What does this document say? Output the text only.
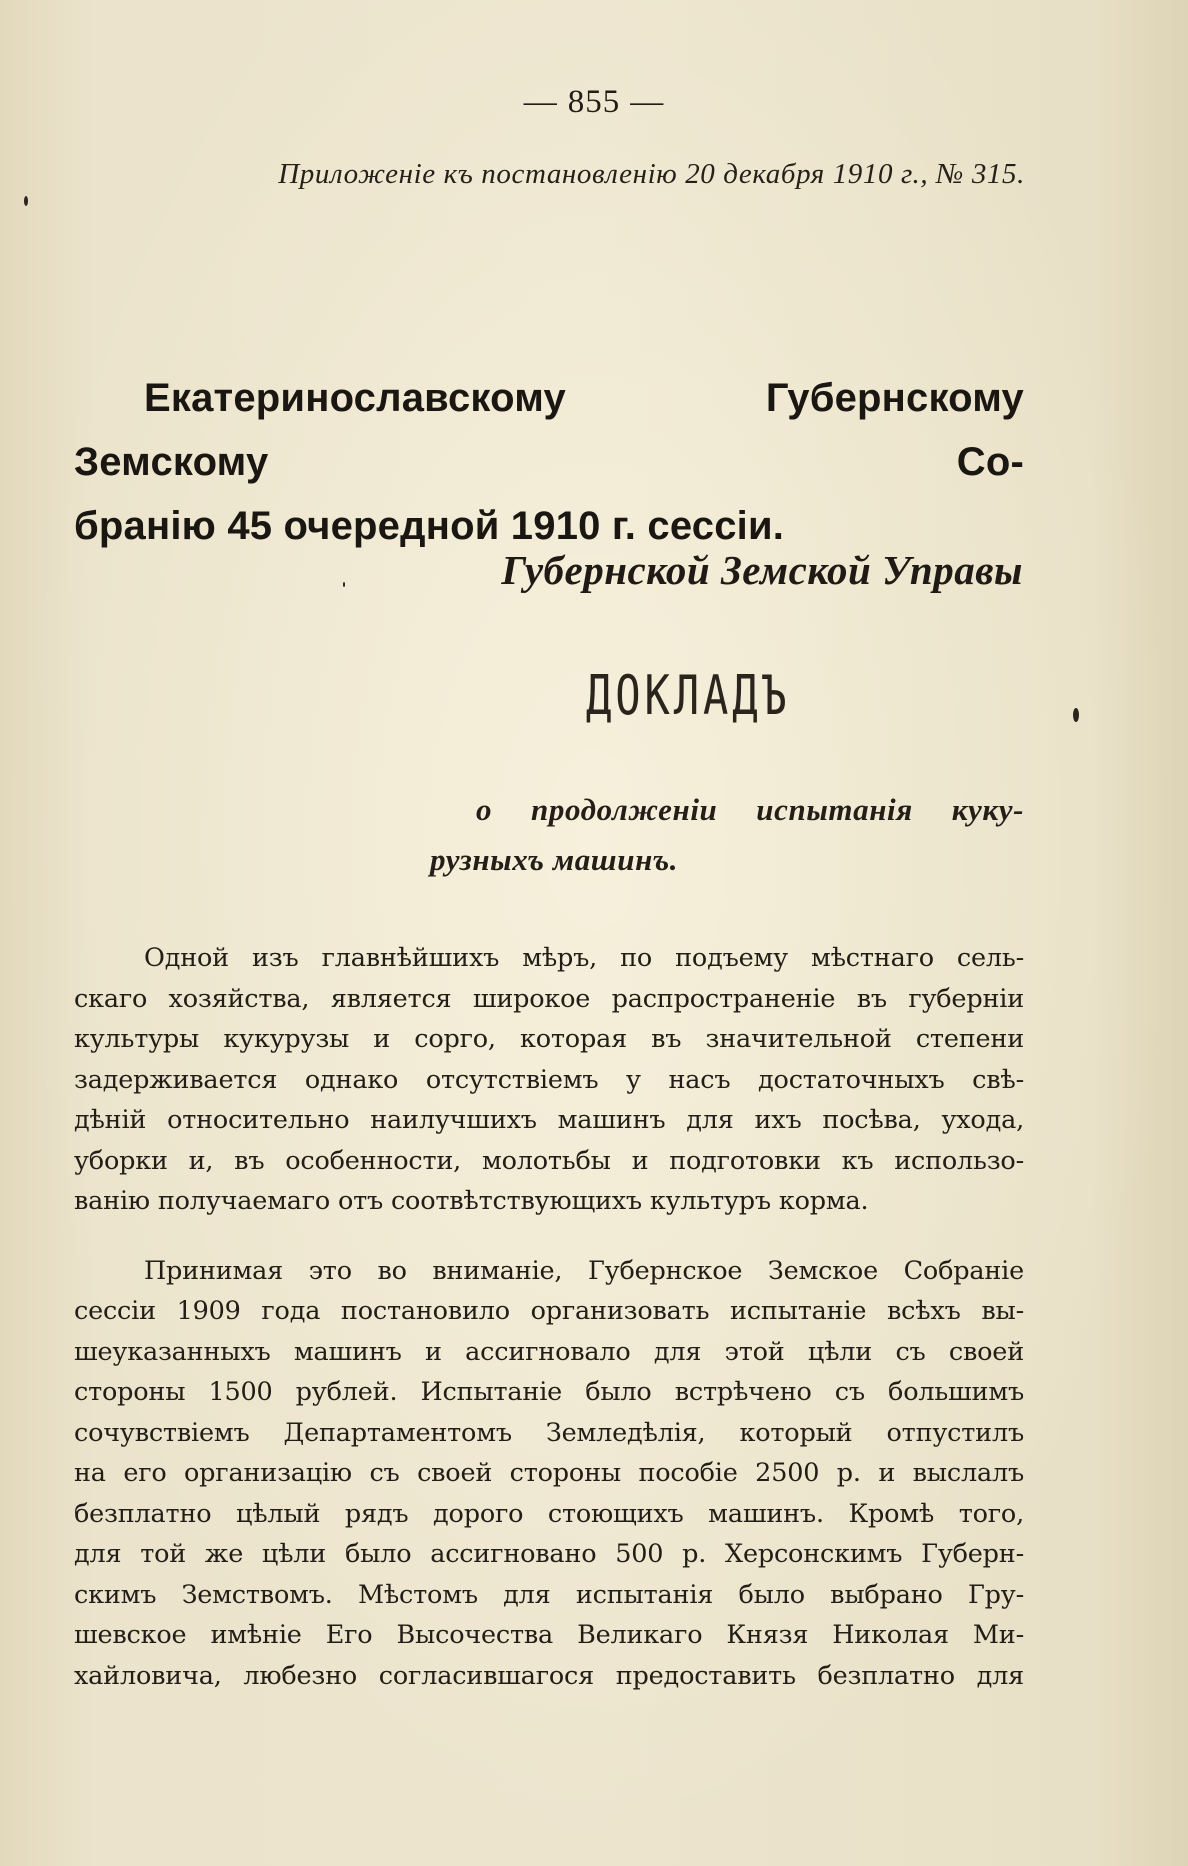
— 855 —
Приложенie къ постановленiю 20 декабря 1910 г., № 315.
Екатеринославскому Губернскому Земскому Со-
бранiю 45 очередной 1910 г. сессiи.
Губернской Земской Управы
ДОКЛАДЪ
о продолженiи испытанiя куку-
рузныхъ машинъ.
Одной изъ главнѣйшихъ мѣръ, по подъему мѣстнаго сель-
скаго хозяйства, является широкое распространенiе въ губернiи
культуры кукурузы и сорго, которая въ значительной степени
задерживается однако отсутствiемъ у насъ достаточныхъ свѣ-
дѣнiй относительно наилучшихъ машинъ для ихъ посѣва, ухода,
уборки и, въ особенности, молотьбы и подготовки къ использо-
ванiю получаемаго отъ соотвѣтствующихъ культуръ корма.
Принимая это во вниманiе, Губернское Земское Собранiе
сессiи 1909 года постановило организовать испытанiе всѣхъ вы-
шеуказанныхъ машинъ и ассигновало для этой цѣли съ своей
стороны 1500 рублей. Испытанiе было встрѣчено съ большимъ
сочувствiемъ Департаментомъ Земледѣлiя, который отпустилъ
на его организацiю съ своей стороны пособiе 2500 р. и выслалъ
безплатно цѣлый рядъ дорого стоющихъ машинъ. Кромѣ того,
для той же цѣли было ассигновано 500 р. Херсонскимъ Губерн-
скимъ Земствомъ. Мѣстомъ для испытанiя было выбрано Гру-
шевское имѣнiе Его Высочества Великаго Князя Николая Ми-
хайловича, любезно согласившагося предоставить безплатно для
